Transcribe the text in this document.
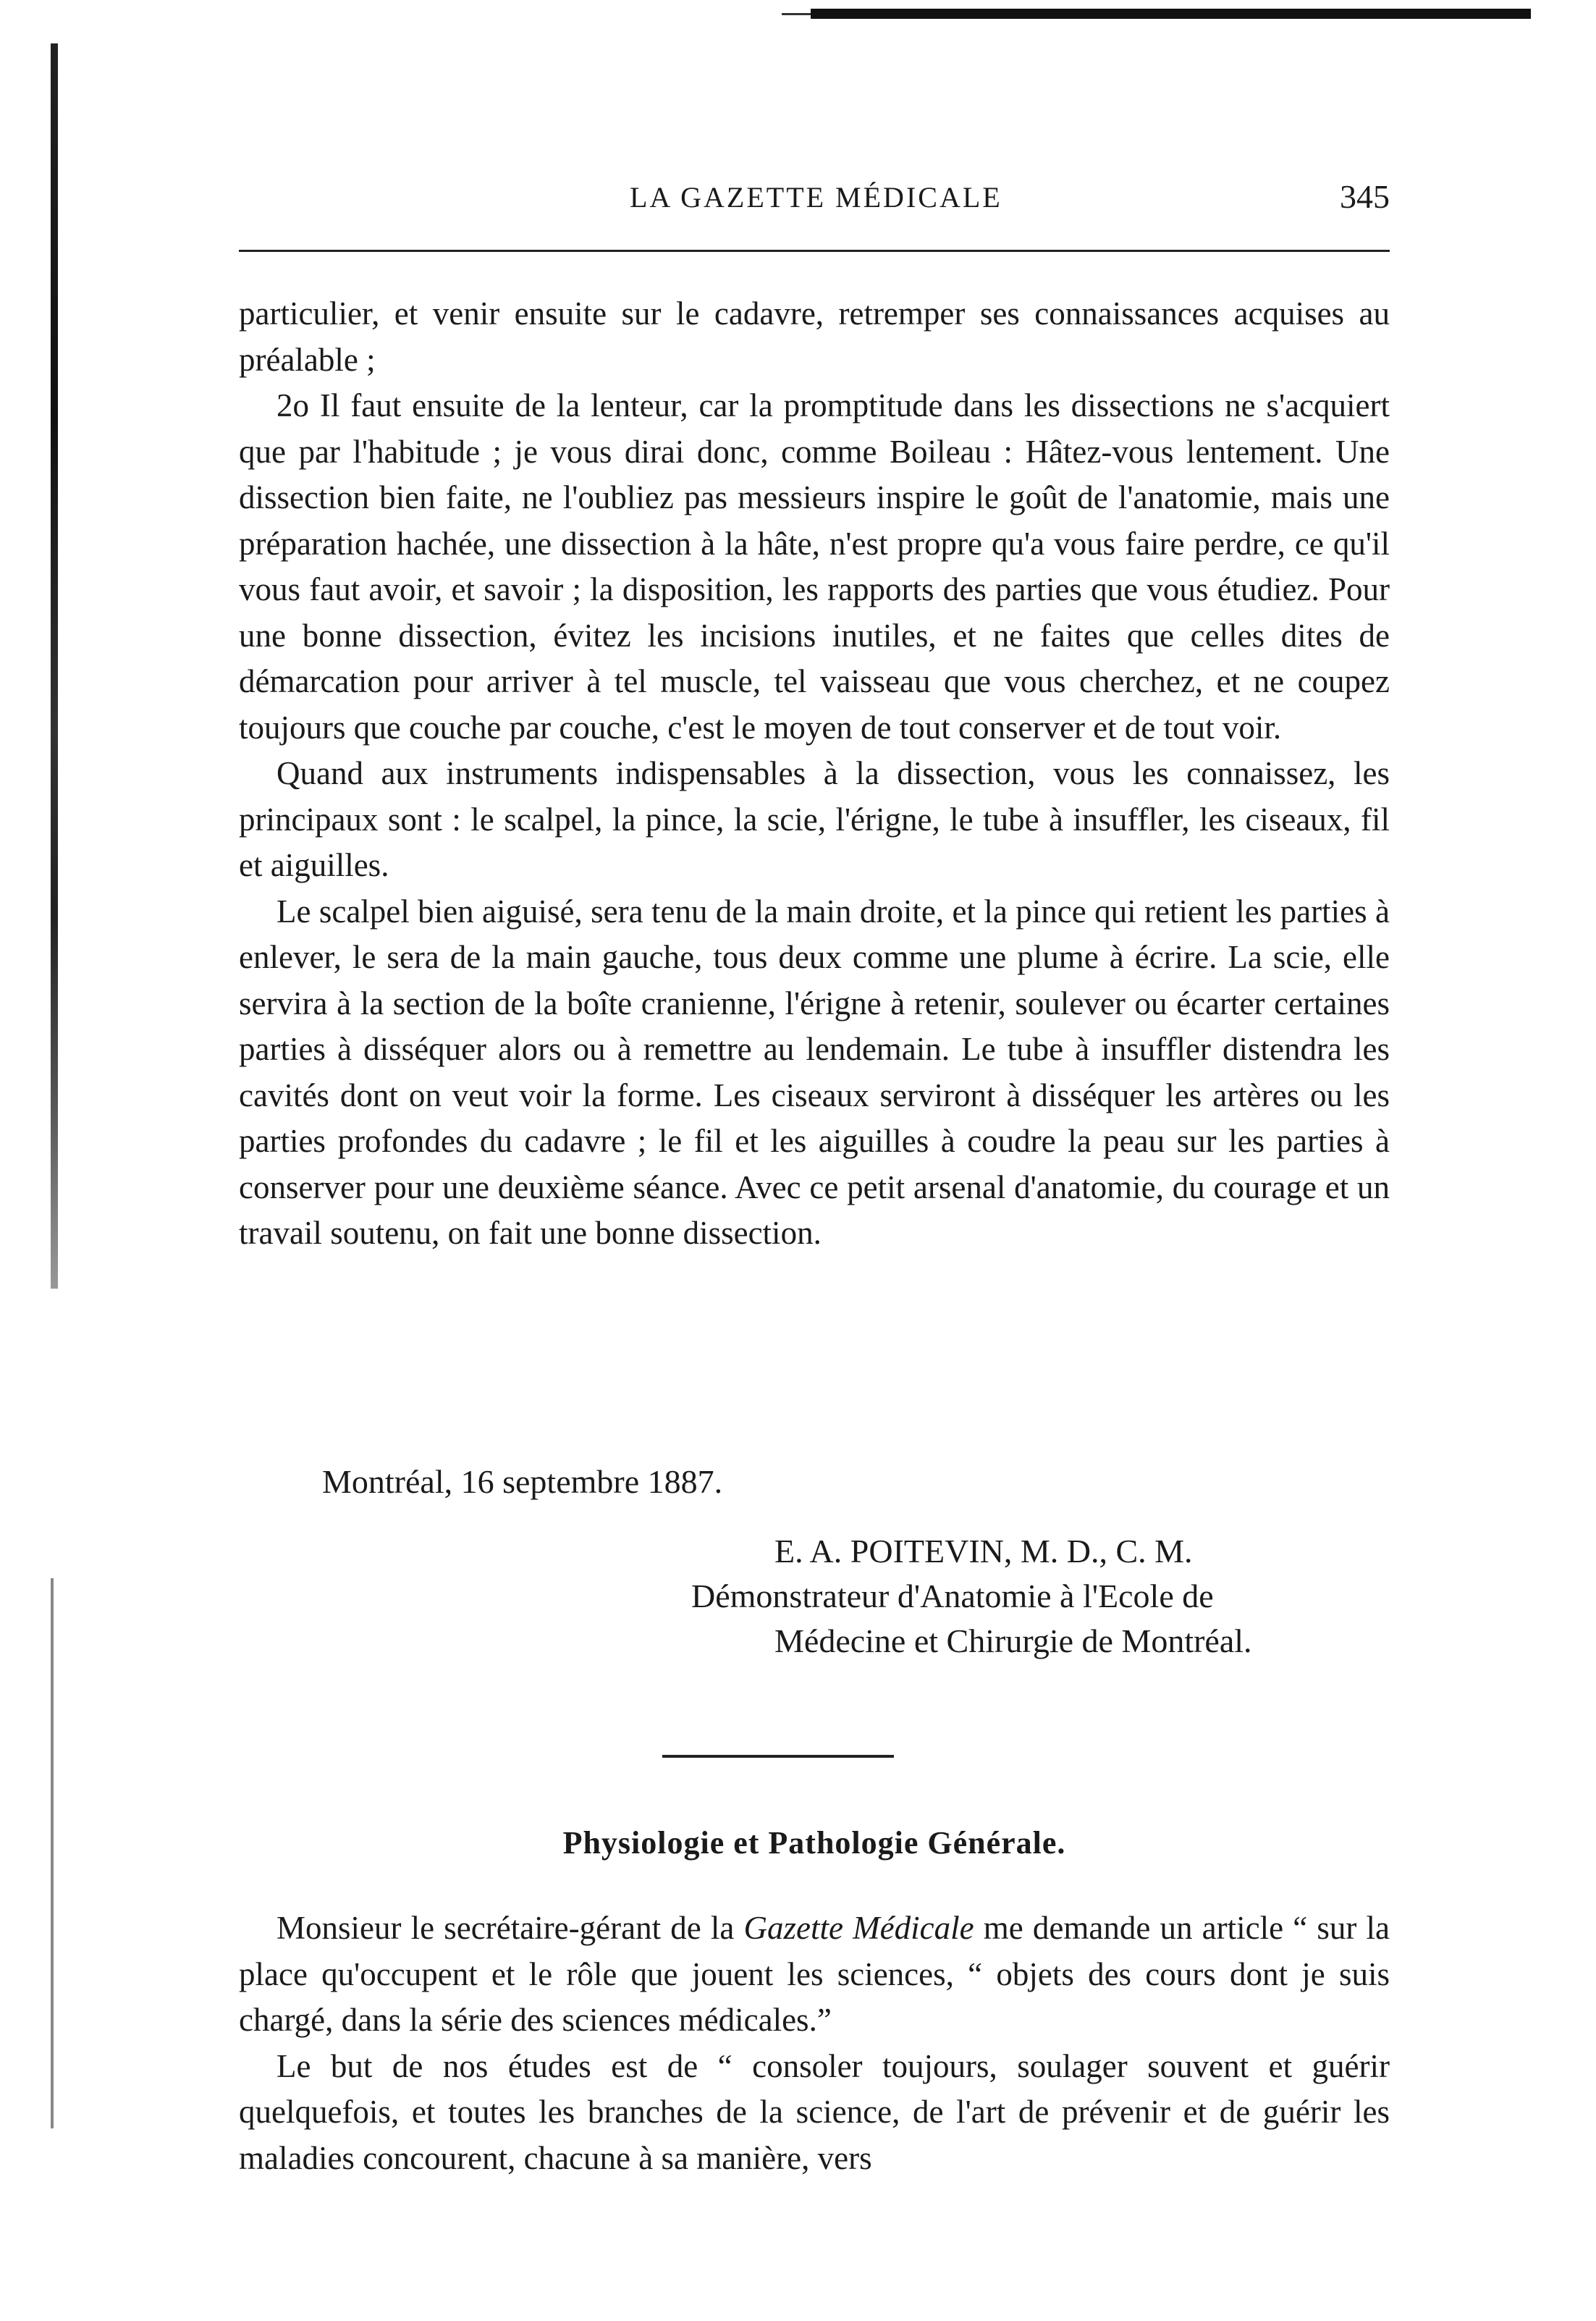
LA GAZETTE MÉDICALE	345

particulier, et venir ensuite sur le cadavre, retremper ses connaissances acquises au préalable ;

2o Il faut ensuite de la lenteur, car la promptitude dans les dissections ne s'acquiert que par l'habitude ; je vous dirai donc, comme Boileau : Hâtez-vous lentement. Une dissection bien faite, ne l'oubliez pas messieurs inspire le goût de l'anatomie, mais une préparation hachée, une dissection à la hâte, n'est propre qu'a vous faire perdre, ce qu'il vous faut avoir, et savoir ; la disposition, les rapports des parties que vous étudiez. Pour une bonne dissection, évitez les incisions inutiles, et ne faites que celles dites de démarcation pour arriver à tel muscle, tel vaisseau que vous cherchez, et ne coupez toujours que couche par couche, c'est le moyen de tout conserver et de tout voir.

Quand aux instruments indispensables à la dissection, vous les connaissez, les principaux sont : le scalpel, la pince, la scie, l'érigne, le tube à insuffler, les ciseaux, fil et aiguilles.

Le scalpel bien aiguisé, sera tenu de la main droite, et la pince qui retient les parties à enlever, le sera de la main gauche, tous deux comme une plume à écrire. La scie, elle servira à la section de la boîte cranienne, l'érigne à retenir, soulever ou écarter certaines parties à disséquer alors ou à remettre au lendemain. Le tube à insuffler distendra les cavités dont on veut voir la forme. Les ciseaux serviront à disséquer les artères ou les parties profondes du cadavre ; le fil et les aiguilles à coudre la peau sur les parties à conserver pour une deuxième séance. Avec ce petit arsenal d'anatomie, du courage et un travail soutenu, on fait une bonne dissection.

Montréal, 16 septembre 1887.
E. A. POITEVIN, M. D., C. M.
Démonstrateur d'Anatomie à l'Ecole de
Médecine et Chirurgie de Montréal.
Physiologie et Pathologie Générale.

Monsieur le secrétaire-gérant de la Gazette Médicale me demande un article “ sur la place qu'occupent et le rôle que jouent les sciences, “ objets des cours dont je suis chargé, dans la série des sciences médicales.”

Le but de nos études est de “ consoler toujours, soulager souvent et guérir quelquefois, et toutes les branches de la science, de l'art de prévenir et de guérir les maladies concourent, chacune à sa manière, vers
